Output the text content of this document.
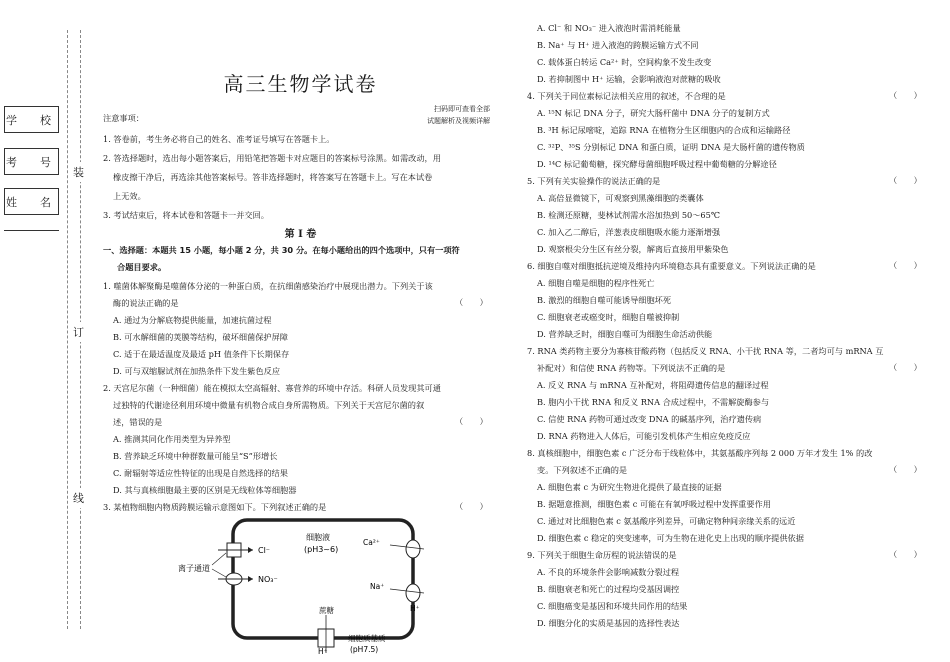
学　校
考　号
姓　名
装
订
线
高三生物学试卷
扫码即可查看全部
试题解析及视频详解
注意事项：
1. 答卷前，考生务必将自己的姓名、准考证号填写在答题卡上。
2. 答选择题时，选出每小题答案后，用铅笔把答题卡对应题目的答案标号涂黑。如需改动，用
橡皮擦干净后，再选涂其他答案标号。答非选择题时，将答案写在答题卡上。写在本试卷
上无效。
3. 考试结束后，将本试卷和答题卡一并交回。
第 Ⅰ 卷
一、选择题：本题共 15 小题，每小题 2 分，共 30 分。在每小题给出的四个选项中，只有一项符
合题目要求。
1. 噬菌体解聚酶是噬菌体分泌的一种蛋白质，在抗细菌感染治疗中展现出潜力。下列关于该
酶的说法正确的是	（　　）
A. 通过为分解底物提供能量，加速抗菌过程
B. 可水解细菌的荚膜等结构，破坏细菌保护屏障
C. 适于在最适温度及最适 pH 值条件下长期保存
D. 可与双缩脲试剂在加热条件下发生紫色反应
2. 天宫尼尔菌（一种细菌）能在模拟太空高辐射、寡营养的环境中存活。科研人员发现其可通
过独特的代谢途径利用环境中微量有机物合成自身所需物质。下列关于天宫尼尔菌的叙
述，错误的是	（　　）
A. 推测其同化作用类型为异养型
B. 营养缺乏环境中种群数量可能呈“S”形增长
C. 耐辐射等适应性特征的出现是自然选择的结果
D. 其与真核细胞最主要的区别是无线粒体等细胞器
3. 某植物细胞内物质跨膜运输示意图如下。下列叙述正确的是	（　　）
Cl⁻
NO₃⁻
离子通道
细胞液
(pH3~6)
Ca²⁺
Na⁺
H⁺
蔗糖
H⁺
细胞质基质
(pH7.5)
A. Cl⁻ 和 NO₃⁻ 进入液泡时需消耗能量
B. Na⁺ 与 H⁺ 进入液泡的跨膜运输方式不同
C. 载体蛋白转运 Ca²⁺ 时，空间构象不发生改变
D. 若抑制图中 H⁺ 运输，会影响液泡对蔗糖的吸收
4. 下列关于同位素标记法相关应用的叙述，不合理的是	（　　）
A. ¹⁵N 标记 DNA 分子，研究大肠杆菌中 DNA 分子的复制方式
B. ³H 标记尿嘧啶，追踪 RNA 在植物分生区细胞内的合成和运输路径
C. ³²P、³⁵S 分别标记 DNA 和蛋白质，证明 DNA 是大肠杆菌的遗传物质
D. ¹⁴C 标记葡萄糖，探究酵母菌细胞呼吸过程中葡萄糖的分解途径
5. 下列有关实验操作的说法正确的是	（　　）
A. 高倍显微镜下，可观察到黑藻细胞的类囊体
B. 检测还原糖，斐林试剂需水浴加热到 50～65℃
C. 加入乙二醇后，洋葱表皮细胞吸水能力逐渐增强
D. 观察根尖分生区有丝分裂，解离后直接用甲紫染色
6. 细胞自噬对细胞抵抗逆境及维持内环境稳态具有重要意义。下列说法正确的是	（　　）
A. 细胞自噬是细胞的程序性死亡
B. 激烈的细胞自噬可能诱导细胞坏死
C. 细胞衰老或癌变时，细胞自噬被抑制
D. 营养缺乏时，细胞自噬可为细胞生命活动供能
7. RNA 类药物主要分为寡核苷酸药物（包括反义 RNA、小干扰 RNA 等，二者均可与 mRNA 互
补配对）和信使 RNA 药物等。下列说法不正确的是	（　　）
A. 反义 RNA 与 mRNA 互补配对，将阻碍遗传信息的翻译过程
B. 胞内小干扰 RNA 和反义 RNA 合成过程中，不需解旋酶参与
C. 信使 RNA 药物可通过改变 DNA 的碱基序列，治疗遗传病
D. RNA 药物进入人体后，可能引发机体产生相应免疫反应
8. 真核细胞中，细胞色素 c 广泛分布于线粒体中，其氨基酸序列每 2 000 万年才发生 1% 的改
变。下列叙述不正确的是	（　　）
A. 细胞色素 c 为研究生物进化提供了最直接的证据
B. 据题意推测，细胞色素 c 可能在有氧呼吸过程中发挥重要作用
C. 通过对比细胞色素 c 氨基酸序列差异，可确定物种间亲缘关系的远近
D. 细胞色素 c 稳定的突变速率，可为生物在进化史上出现的顺序提供依据
9. 下列关于细胞生命历程的说法错误的是	（　　）
A. 不良的环境条件会影响减数分裂过程
B. 细胞衰老和死亡的过程均受基因调控
C. 细胞癌变是基因和环境共同作用的结果
D. 细胞分化的实质是基因的选择性表达
